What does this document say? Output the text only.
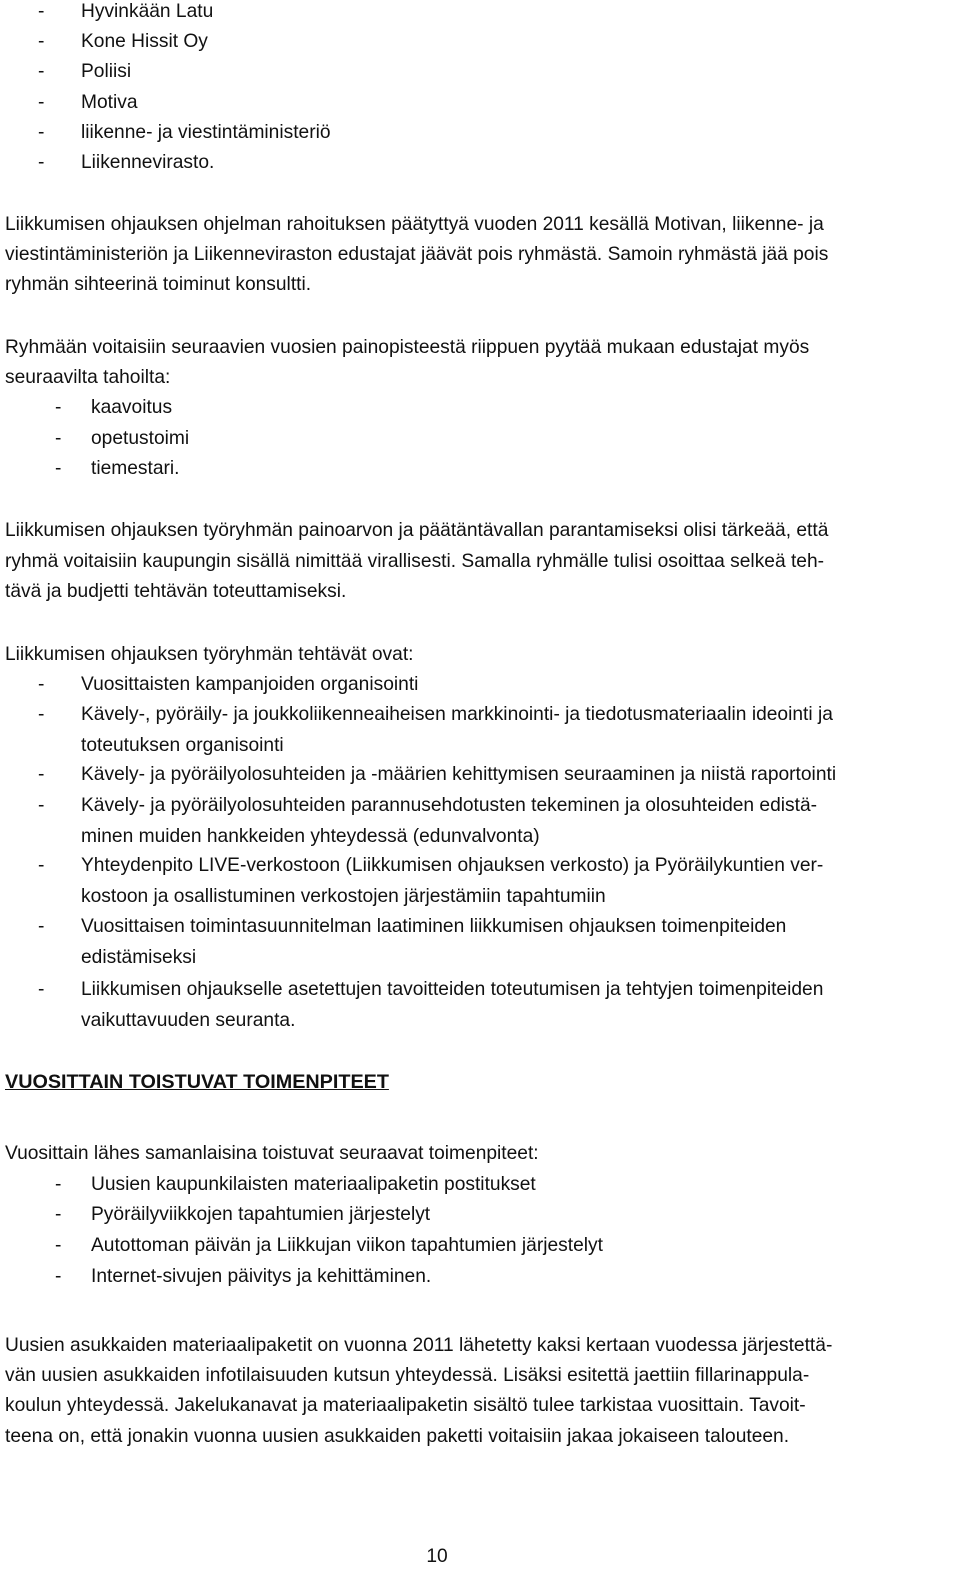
- Hyvinkään Latu
- Kone Hissit Oy
- Poliisi
- Motiva
- liikenne- ja viestintäministeriö
- Liikennevirasto.
Liikkumisen ohjauksen ohjelman rahoituksen päätyttyä vuoden 2011 kesällä Motivan, liikenne- ja
viestintäministeriön ja Liikenneviraston edustajat jäävät pois ryhmästä. Samoin ryhmästä jää pois
ryhmän sihteerinä toiminut konsultti.
Ryhmään voitaisiin seuraavien vuosien painopisteestä riippuen pyytää mukaan edustajat myös
seuraavilta tahoilta:
- kaavoitus
- opetustoimi
- tiemestari.
Liikkumisen ohjauksen työryhmän painoarvon ja päätäntävallan parantamiseksi olisi tärkeää, että
ryhmä voitaisiin kaupungin sisällä nimittää virallisesti. Samalla ryhmälle tulisi osoittaa selkeä teh-
tävä ja budjetti tehtävän toteuttamiseksi.
Liikkumisen ohjauksen työryhmän tehtävät ovat:
- Vuosittaisten kampanjoiden organisointi
- Kävely-, pyöräily- ja joukkoliikenneaiheisen markkinointi- ja tiedotusmateriaalin ideointi ja
toteutuksen organisointi
- Kävely- ja pyöräilyolosuhteiden ja -määrien kehittymisen seuraaminen ja niistä raportointi
- Kävely- ja pyöräilyolosuhteiden parannusehdotusten tekeminen ja olosuhteiden edistä-
minen muiden hankkeiden yhteydessä (edunvalvonta)
- Yhteydenpito LIVE-verkostoon (Liikkumisen ohjauksen verkosto) ja Pyöräilykuntien ver-
kostoon ja osallistuminen verkostojen järjestämiin tapahtumiin
- Vuosittaisen toimintasuunnitelman laatiminen liikkumisen ohjauksen toimenpiteiden
edistämiseksi
- Liikkumisen ohjaukselle asetettujen tavoitteiden toteutumisen ja tehtyjen toimenpiteiden
vaikuttavuuden seuranta.
VUOSITTAIN TOISTUVAT TOIMENPITEET
Vuosittain lähes samanlaisina toistuvat seuraavat toimenpiteet:
- Uusien kaupunkilaisten materiaalipaketin postitukset
- Pyöräilyviikkojen tapahtumien järjestelyt
- Autottoman päivän ja Liikkujan viikon tapahtumien järjestelyt
- Internet-sivujen päivitys ja kehittäminen.
Uusien asukkaiden materiaalipaketit on vuonna 2011 lähetetty kaksi kertaan vuodessa järjestettä-
vän uusien asukkaiden infotilaisuuden kutsun yhteydessä. Lisäksi esitettä jaettiin fillarinappula-
koulun yhteydessä. Jakelukanavat ja materiaalipaketin sisältö tulee tarkistaa vuosittain. Tavoit-
teena on, että jonakin vuonna uusien asukkaiden paketti voitaisiin jakaa jokaiseen talouteen.
10
